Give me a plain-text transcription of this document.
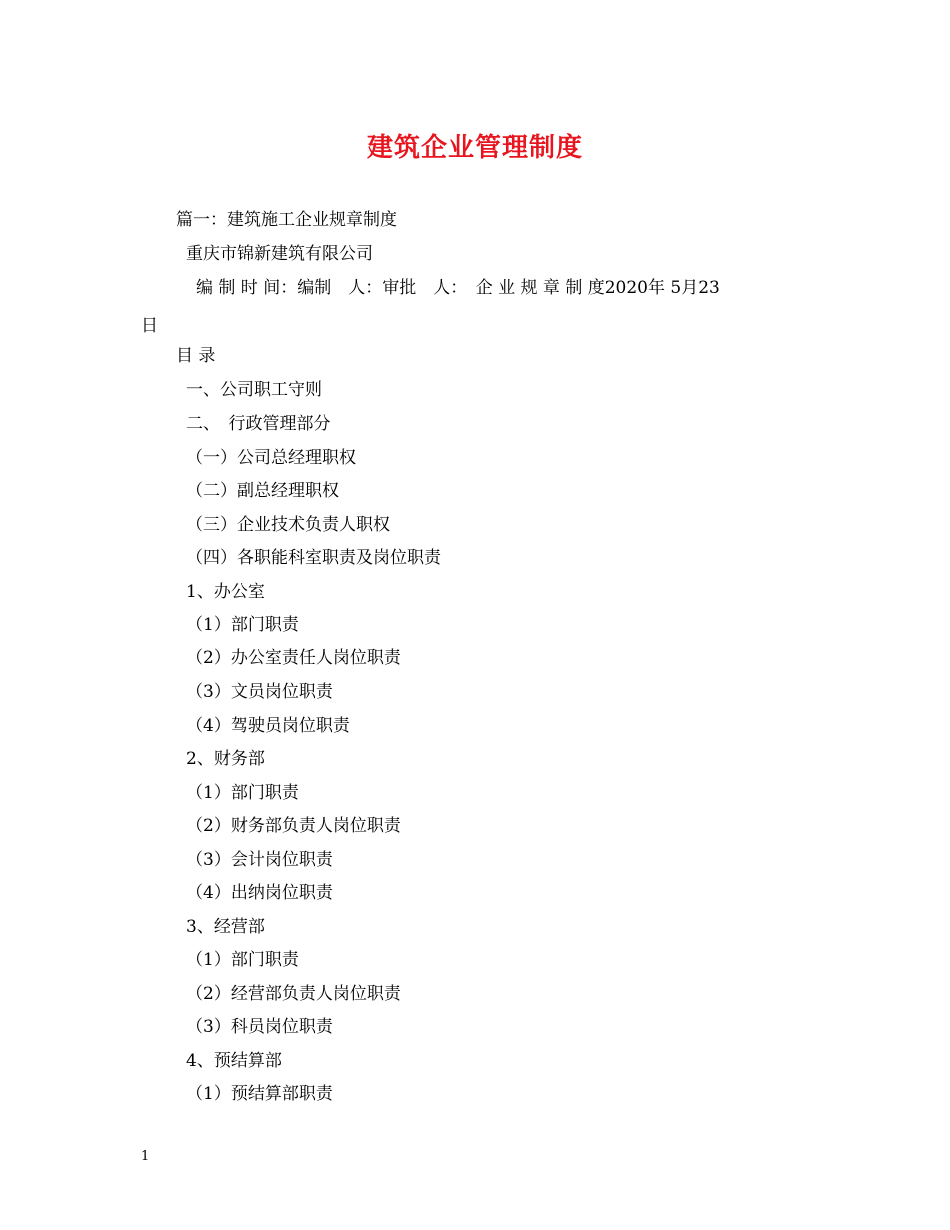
建筑企业管理制度
篇一：建筑施工企业规章制度
重庆市锦新建筑有限公司
编 制 时 间：编制　人：审批　人：　企 业 规 章 制 度2020年 5月23
日
目 录
一、公司职工守则
二、　行政管理部分
（一）公司总经理职权
（二）副总经理职权
（三）企业技术负责人职权
（四）各职能科室职责及岗位职责
1、办公室
（1）部门职责
（2）办公室责任人岗位职责
（3）文员岗位职责
（4）驾驶员岗位职责
2、财务部
（1）部门职责
（2）财务部负责人岗位职责
（3）会计岗位职责
（4）出纳岗位职责
3、经营部
（1）部门职责
（2）经营部负责人岗位职责
（3）科员岗位职责
4、预结算部
（1）预结算部职责
1
